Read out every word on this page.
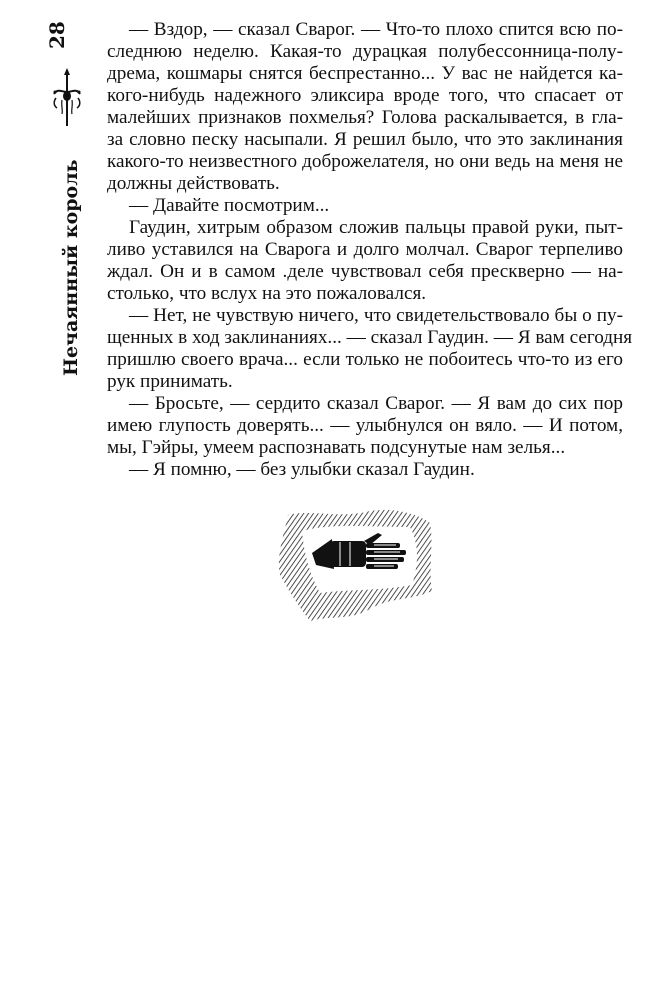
28
Нечаянный король
— Вздор, — сказал Сварог. — Что-то плохо спится всю по-
следнюю неделю. Какая-то дурацкая полубессонница-полу-
дрема, кошмары снятся беспрестанно... У вас не найдется ка-
кого-нибудь надежного эликсира вроде того, что спасает от
малейших признаков похмелья? Голова раскалывается, в гла-
за словно песку насыпали. Я решил было, что это заклинания
какого-то неизвестного доброжелателя, но они ведь на меня не
должны действовать.
— Давайте посмотрим...
Гаудин, хитрым образом сложив пальцы правой руки, пыт-
ливо уставился на Сварога и долго молчал. Сварог терпеливо
ждал. Он и в самом .деле чувствовал себя прескверно — на-
столько, что вслух на это пожаловался.
— Нет, не чувствую ничего, что свидетельствовало бы о пу-
щенных в ход заклинаниях... — сказал Гаудин. — Я вам сегодня
пришлю своего врача... если только не побоитесь что-то из его
рук принимать.
— Бросьте, — сердито сказал Сварог. — Я вам до сих пор
имею глупость доверять... — улыбнулся он вяло. — И потом,
мы, Гэйры, умеем распознавать подсунутые нам зелья...
— Я помню, — без улыбки сказал Гаудин.
